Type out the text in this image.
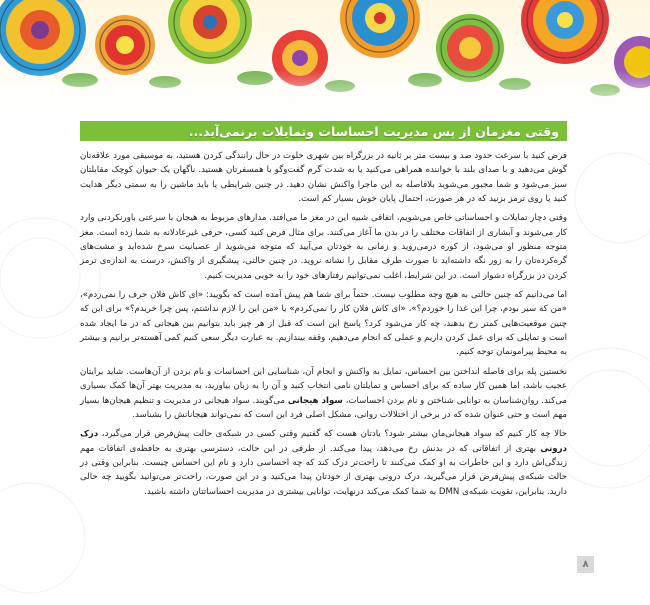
وقتی مغزمان از پس مدیریت احساسات وتمایلات برنمی‌آید...

فرض کنید با سرعت حدود صد و بیست متر بر ثانیه در بزرگراه بین شهری خلوت در حال رانندگی کردن هستید، به موسیقی مورد علاقه‌تان گوش می‌دهید و با صدای بلند با خواننده همراهی می‌کنید یا به شدت گرم گفت‌وگو با همسفرتان هستید. ناگهان یک حیوان کوچک مقابلتان سبز می‌شود و شما مجبور می‌شوید بلافاصله به این ماجرا واکنش نشان دهید. در چنین شرایطی یا باید ماشین را به سمتی دیگر هدایت کنید یا روی ترمز بزنید که در هر صورت، احتمال پایان خوش بسیار کم است.

وقتی دچار تمایلات و احساساتی خاص می‌شویم، اتفاقی شبیه این در مغز ما می‌افتد. مدارهای مربوط به هیجان با سرعتی باورنکردنی وارد کار می‌شوند و آبشاری از اتفاقات مختلف را در بدن ما آغاز می‌کنند. برای مثال فرض کنید کسی، حرفی غیرعادلانه به شما زده است. مغز متوجه منظور او می‌شود، از کوره درمی‌روید و زمانی به خودتان می‌آیید که متوجه می‌شوید از عصبانیت سرخ شده‌اید و مشت‌های گره‌کرده‌تان را به زور نگه داشته‌اید تا صورت طرف مقابل را نشانه نروید. در چنین حالتی، پیشگیری از واکنش، درست به اندازه‌ی ترمز کردن در بزرگراه دشوار است. در این شرایط، اغلب نمی‌توانیم رفتارهای خود را به خوبی مدیریت کنیم.

اما می‌دانیم که چنین حالتی به هیچ وجه مطلوب نیست. حتماً برای شما هم پیش آمده است که بگویید: «ای کاش فلان حرف را نمی‌زدم»، «من که سیر بودم، چرا این غذا را خوردم؟»، «ای کاش فلان کار را نمی‌کردم» یا «من این را لازم نداشتم، پس چرا خریدم؟» برای این که چنین موقعیت‌هایی کمتر رخ بدهند، چه کار می‌شود کرد؟ پاسخ این است که قبل از هر چیز باید بتوانیم بین هیجانی که در ما ایجاد شده است و تمایلی که برای عمل کردن داریم و عملی که انجام می‌دهیم، وقفه بیندازیم. به عبارت دیگر سعی کنیم کمی آهسته‌تر برانیم و بیشتر به محیط پیرامونمان توجه کنیم.

نخستین پله برای فاصله انداختن بین احساس، تمایل به واکنش و انجام آن، شناسایی این احساسات و نام بردن از آن‌هاست. شاید برایتان عجیب باشد، اما همین کار ساده که برای احساس و تمایلتان نامی انتخاب کنید و آن را به زبان بیاورید، به مدیریت بهتر آن‌ها کمک بسیاری می‌کند. روان‌شناسان به توانایی شناختن و نام بردن احساسات، سواد هیجانی می‌گویند. سواد هیجانی در مدیریت و تنظیم هیجان‌ها بسیار مهم است و حتی عنوان شده که در برخی از اختلالات روانی، مشکل اصلی فرد این است که نمی‌تواند هیجاناتش را بشناسد.

حالا چه کار کنیم که سواد هیجانی‌مان بیشتر شود؟ یادتان هست که گفتیم وقتی کسی در شبکه‌ی حالت پیش‌فرض قرار می‌گیرد، درک درونی بهتری از اتفاقاتی که در بدنش رخ می‌دهد، پیدا می‌کند. از طرفی در این حالت، دسترسی بهتری به حافظه‌ی اتفاقات مهم زندگی‌اش دارد و این خاطرات به او کمک می‌کنند تا راحت‌تر درک کند که چه احساسی دارد و نام این احساس چیست. بنابراین وقتی در حالت شبکه‌ی پیش‌فرض قرار می‌گیرید، درک درونی بهتری از خودتان پیدا می‌کنید و در این صورت، راحت‌تر می‌توانید بگویید چه حالی دارید. بنابراین، تقویت شبکه‌ی DMN به شما کمک می‌کند درنهایت، توانایی بیشتری در مدیریت احساساتتان داشته باشید.

۸
